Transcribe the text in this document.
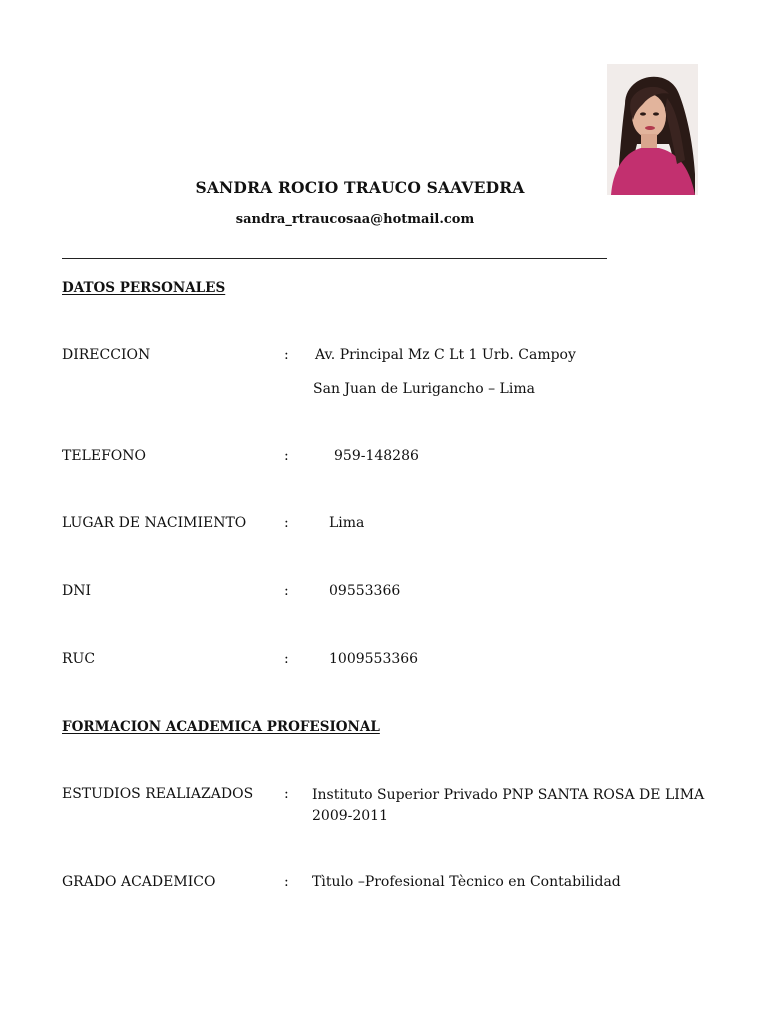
SANDRA ROCIO TRAUCO SAAVEDRA
sandra_rtraucosaa@hotmail.com
DATOS PERSONALES
DIRECCION	: Av. Principal Mz C Lt 1 Urb. Campoy
San Juan de Lurigancho – Lima
TELEFONO	:	959-148286
LUGAR DE NACIMIENTO	:	Lima
DNI	:	09553366
RUC	:	1009553366
FORMACION ACADEMICA PROFESIONAL
ESTUDIOS REALIAZADOS : Instituto Superior Privado PNP SANTA ROSA DE LIMA
2009-2011
GRADO ACADEMICO	: Tìtulo –Profesional Tècnico en Contabilidad
